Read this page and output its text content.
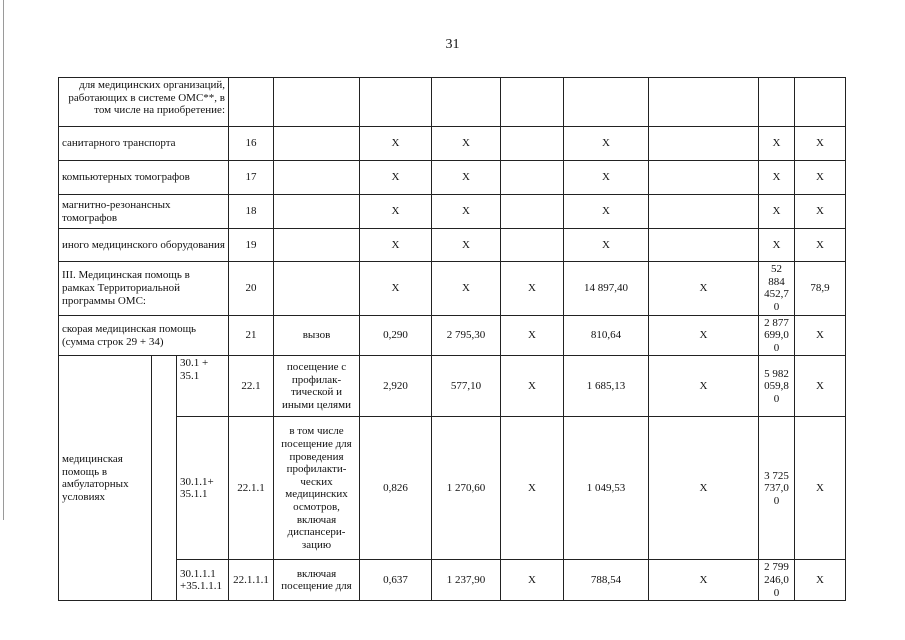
31
для медицинских организаций, работающих в системе ОМС**, в том числе на приобретение:											
санитарного транспорта			16		X	X		X		X	X
компьютерных томографов			17		X	X		X		X	X
магнитно-резонансных томографов			18		X	X		X		X	X
иного медицинского оборудования			19		X	X		X		X	X
III. Медицинская помощь в рамках Территориальной программы ОМС:			20		X	X	X	14 897,40	X	52 884 452,70	78,9
скорая медицинская помощь (сумма строк 29 + 34)			21	вызов	0,290	2 795,30	X	810,64	X	2 877 699,00	X
медицинская помощь в амбулаторных условиях		30.1 + 35.1	22.1	посещение с профилак-тической и иными целями	2,920	577,10	X	1 685,13	X	5 982 059,80	X
		30.1.1+ 35.1.1	22.1.1	в том числе посещение для проведения профилакти-ческих медицинских осмотров, включая диспансери-зацию	0,826	1 270,60	X	1 049,53	X	3 725 737,00	X
		30.1.1.1 +35.1.1.1	22.1.1.1	включая посещение для	0,637	1 237,90	X	788,54	X	2 799 246,00	X
